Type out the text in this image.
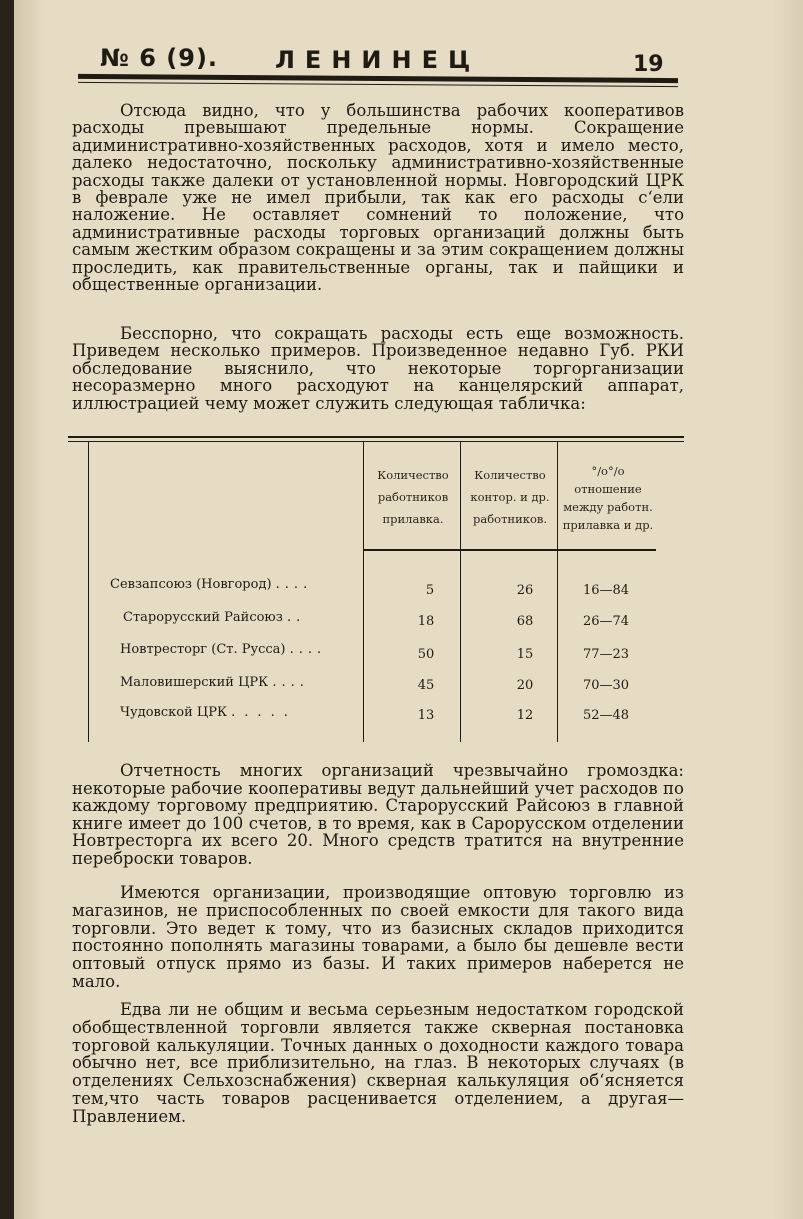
№ 6 (9). ЛЕНИНЕЦ	19

Отсюда видно, что у большинства рабочих кооперативов расходы превышают предельные нормы. Сокращение адиминистративно-хозяйственных расходов, хотя и имело место, далеко недостаточно, поскольку административно-хозяйственные расходы также далеки от установленной нормы. Новгородский ЦРК в феврале уже не имел прибыли, так как его расходы с‘ели наложение. Не оставляет сомнений то положение, что административные расходы торговых организаций должны быть самым жестким образом сокращены и за этим сокращением должны проследить, как правительственные органы, так и пайщики и общественные организации.

Бесспорно, что сокращать расходы есть еще возможность. Приведем несколько примеров. Произведенное недавно Губ. РКИ обследование выяснило, что некоторые торгорганизации несоразмерно много расходуют на канцелярский аппарат, иллюстрацией чему может служить следующая табличка:

Количество работников прилавка.
Количество контор. и др. работников.
°/о°/о отношение между работн. прилавка и др.
Севзапсоюз (Новгород) ....	5	26	16—84
Старорусский Райсоюз ..	18	68	26—74
Новтресторг (Ст. Русса) ....	50	15	77—23
Маловишерский ЦРК ....	45	20	70—30
Чудовской ЦРК .....	13	12	52—48

Отчетность многих организаций чрезвычайно громоздка: некоторые рабочие кооперативы ведут дальнейший учет расходов по каждому торговому предприятию. Старорусский Райсоюз в главной книге имеет до 100 счетов, в то время, как в Сарорусском отделении Новтресторга их всего 20. Много средств тратится на внутренние переброски товаров.

Имеются организации, производящие оптовую торговлю из магазинов, не приспособленных по своей емкости для такого вида торговли. Это ведет к тому, что из базисных складов приходится постоянно пополнять магазины товарами, а было бы дешевле вести оптовый отпуск прямо из базы. И таких примеров наберется не мало.

Едва ли не общим и весьма серьезным недостатком городской обобществленной торговли является также скверная постановка торговой калькуляции. Точных данных о доходности каждого товара обычно нет, все приблизительно, на глаз. В некоторых случаях (в отделениях Сельхозснабжения) скверная калькуляция об‘ясняется тем,что часть товаров расценивается отделением, а другая—Правлением.
